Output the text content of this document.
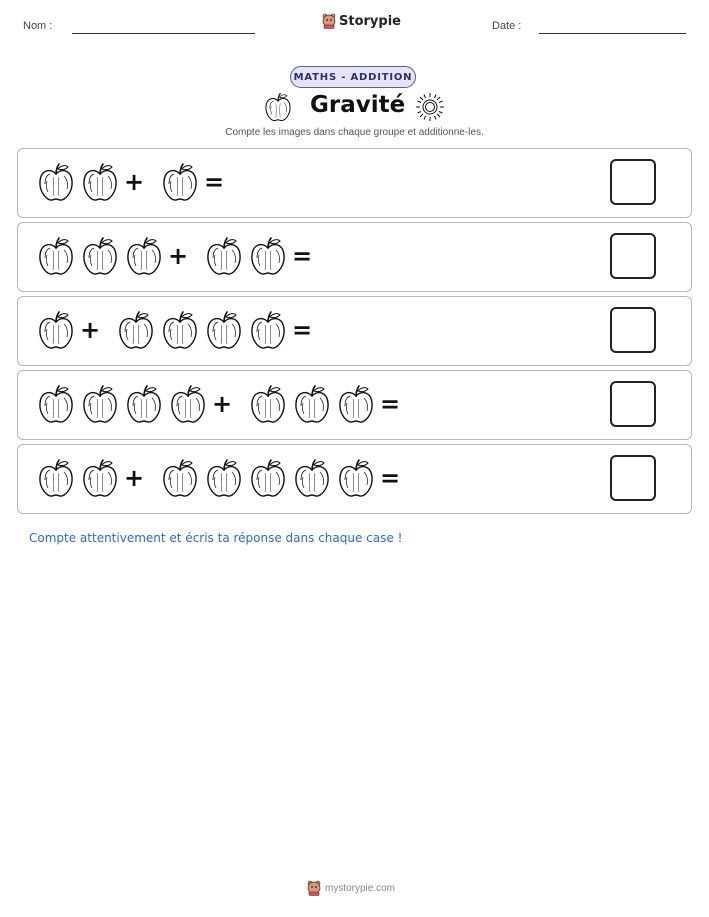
Nom :	Storypie	Date :
MATHS - ADDITION
Gravité
Compte les images dans chaque groupe et additionne-les.
+ =
+	=
+	=
+	=
+	=
Compte attentivement et écris ta réponse dans chaque case !
mystorypie.com
